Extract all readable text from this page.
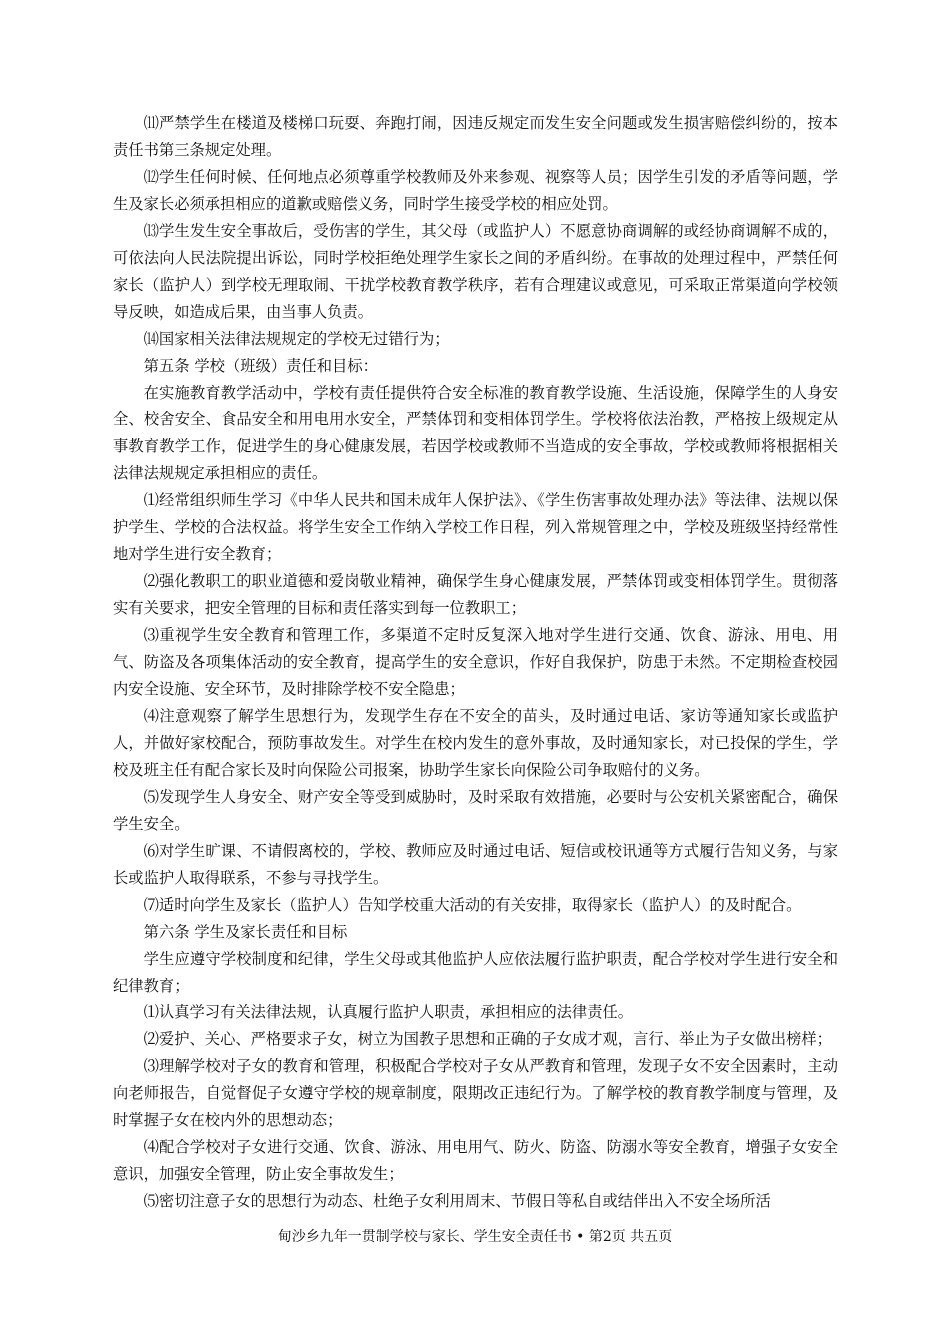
⑾严禁学生在楼道及楼梯口玩耍、奔跑打闹，因违反规定而发生安全问题或发生损害赔偿纠纷的，按本责任书第三条规定处理。

⑿学生任何时候、任何地点必须尊重学校教师及外来参观、视察等人员；因学生引发的矛盾等问题，学生及家长必须承担相应的道歉或赔偿义务，同时学生接受学校的相应处罚。

⒀学生发生安全事故后，受伤害的学生，其父母（或监护人）不愿意协商调解的或经协商调解不成的，可依法向人民法院提出诉讼，同时学校拒绝处理学生家长之间的矛盾纠纷。在事故的处理过程中，严禁任何家长（监护人）到学校无理取闹、干扰学校教育教学秩序，若有合理建议或意见，可采取正常渠道向学校领导反映，如造成后果，由当事人负责。

⒁国家相关法律法规规定的学校无过错行为；

第五条 学校（班级）责任和目标：

在实施教育教学活动中，学校有责任提供符合安全标准的教育教学设施、生活设施，保障学生的人身安全、校舍安全、食品安全和用电用水安全，严禁体罚和变相体罚学生。学校将依法治教，严格按上级规定从事教育教学工作，促进学生的身心健康发展，若因学校或教师不当造成的安全事故，学校或教师将根据相关法律法规规定承担相应的责任。

⑴经常组织师生学习《中华人民共和国未成年人保护法》、《学生伤害事故处理办法》等法律、法规以保护学生、学校的合法权益。将学生安全工作纳入学校工作日程，列入常规管理之中，学校及班级坚持经常性地对学生进行安全教育；

⑵强化教职工的职业道德和爱岗敬业精神，确保学生身心健康发展，严禁体罚或变相体罚学生。贯彻落实有关要求，把安全管理的目标和责任落实到每一位教职工；

⑶重视学生安全教育和管理工作，多渠道不定时反复深入地对学生进行交通、饮食、游泳、用电、用气、防盗及各项集体活动的安全教育，提高学生的安全意识，作好自我保护，防患于未然。不定期检查校园内安全设施、安全环节，及时排除学校不安全隐患；

⑷注意观察了解学生思想行为，发现学生存在不安全的苗头，及时通过电话、家访等通知家长或监护人，并做好家校配合，预防事故发生。对学生在校内发生的意外事故，及时通知家长，对已投保的学生，学校及班主任有配合家长及时向保险公司报案，协助学生家长向保险公司争取赔付的义务。

⑸发现学生人身安全、财产安全等受到威胁时，及时采取有效措施，必要时与公安机关紧密配合，确保学生安全。

⑹对学生旷课、不请假离校的，学校、教师应及时通过电话、短信或校讯通等方式履行告知义务，与家长或监护人取得联系，不参与寻找学生。

⑺适时向学生及家长（监护人）告知学校重大活动的有关安排，取得家长（监护人）的及时配合。

第六条 学生及家长责任和目标

学生应遵守学校制度和纪律，学生父母或其他监护人应依法履行监护职责，配合学校对学生进行安全和纪律教育；

⑴认真学习有关法律法规，认真履行监护人职责，承担相应的法律责任。

⑵爱护、关心、严格要求子女，树立为国教子思想和正确的子女成才观，言行、举止为子女做出榜样；

⑶理解学校对子女的教育和管理，积极配合学校对子女从严教育和管理，发现子女不安全因素时，主动向老师报告，自觉督促子女遵守学校的规章制度，限期改正违纪行为。了解学校的教育教学制度与管理，及时掌握子女在校内外的思想动态；

⑷配合学校对子女进行交通、饮食、游泳、用电用气、防火、防盗、防溺水等安全教育，增强子女安全意识，加强安全管理，防止安全事故发生；

⑸密切注意子女的思想行为动态、杜绝子女利用周末、节假日等私自或结伴出入不安全场所活

甸沙乡九年一贯制学校与家长、学生安全责任书 • 第2页 共五页
